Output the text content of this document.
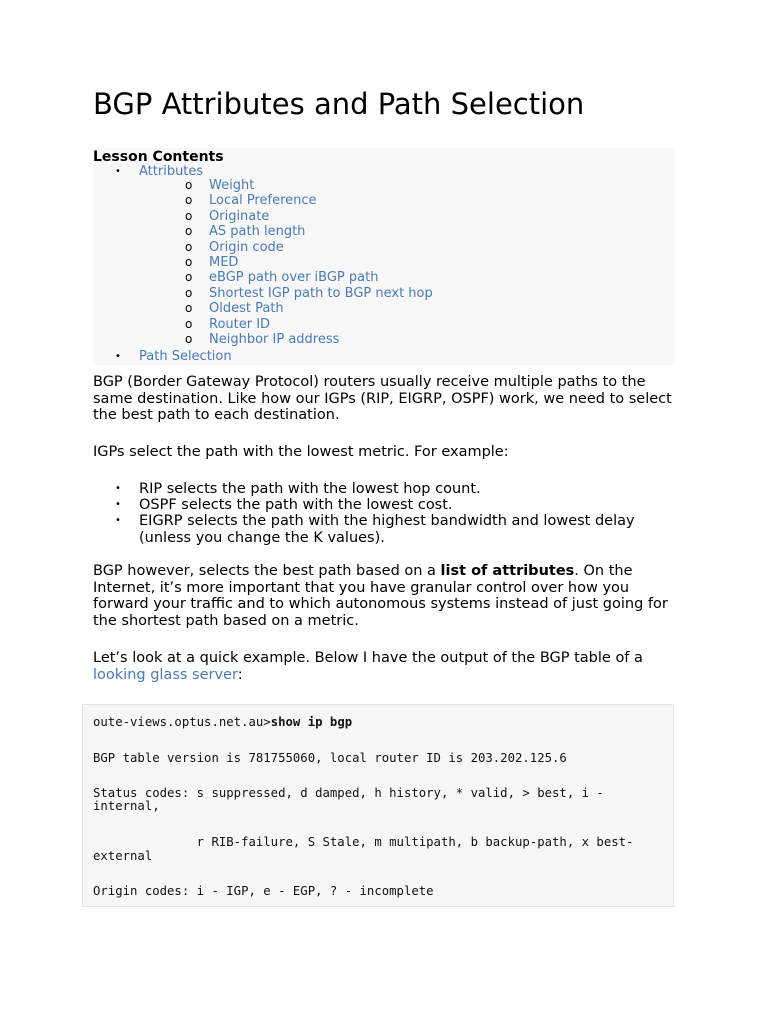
BGP Attributes and Path Selection
Lesson Contents
• Attributes
o Weight
o Local Preference
o Originate
o AS path length
o Origin code
o MED
o eBGP path over iBGP path
o Shortest IGP path to BGP next hop
o Oldest Path
o Router ID
o Neighbor IP address
• Path Selection

BGP (Border Gateway Protocol) routers usually receive multiple paths to the same destination. Like how our IGPs (RIP, EIGRP, OSPF) work, we need to select the best path to each destination.

IGPs select the path with the lowest metric. For example:

• RIP selects the path with the lowest hop count.
• OSPF selects the path with the lowest cost.
• EIGRP selects the path with the highest bandwidth and lowest delay (unless you change the K values).

BGP however, selects the best path based on a list of attributes. On the Internet, it’s more important that you have granular control over how you forward your traffic and to which autonomous systems instead of just going for the shortest path based on a metric.

Let’s look at a quick example. Below I have the output of the BGP table of a looking glass server:

oute-views.optus.net.au>show ip bgp
BGP table version is 781755060, local router ID is 203.202.125.6
Status codes: s suppressed, d damped, h history, * valid, > best, i -
internal,
r RIB-failure, S Stale, m multipath, b backup-path, x best-
external
Origin codes: i - IGP, e - EGP, ? - incomplete
